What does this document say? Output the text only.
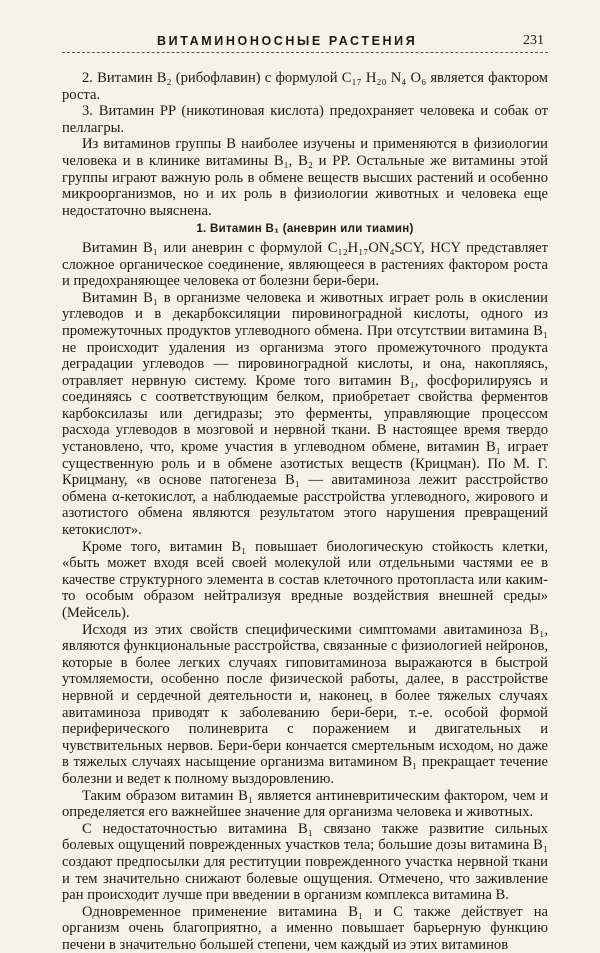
ВИТАМИНОНОСНЫЕ РАСТЕНИЯ	231

2. Витамин B₂ (рибофлавин) с формулой C₁₇ H₂₀ N₄ O₆ является фактором роста.

3. Витамин PP (никотиновая кислота) предохраняет человека и собак от пеллагры.

Из витаминов группы В наиболее изучены и применяются в физиологии человека и в клинике витамины B₁, B₂ и PP. Остальные же витамины этой группы играют важную роль в обмене веществ высших растений и особенно микроорганизмов, но и их роль в физиологии животных и человека еще недостаточно выяснена.

1. Витамин B₁ (аневрин или тиамин)

Витамин B₁ или аневрин с формулой C₁₂H₁₇ON₄SCY, HCY представляет сложное органическое соединение, являющееся в растениях фактором роста и предохраняющее человека от болезни бери-бери.

Витамин B₁ в организме человека и животных играет роль в окислении углеводов и в декарбоксиляции пировиноградной кислоты, одного из промежуточных продуктов углеводного обмена. При отсутствии витамина B₁ не происходит удаления из организма этого промежуточного продукта деградации углеводов — пировиноградной кислоты, и она, накопляясь, отравляет нервную систему. Кроме того витамин B₁, фосфорилируясь и соединяясь с соответствующим белком, приобретает свойства ферментов карбоксилазы или дегидразы; это ферменты, управляющие процессом расхода углеводов в мозговой и нервной ткани. В настоящее время твердо установлено, что, кроме участия в углеводном обмене, витамин B₁ играет существенную роль и в обмене азотистых веществ (Крицман). По М. Г. Крицману, «в основе патогенеза B₁ — авитаминоза лежит расстройство обмена α-кетокислот, а наблюдаемые расстройства углеводного, жирового и азотистого обмена являются результатом этого нарушения превращений кетокислот».

Кроме того, витамин B₁ повышает биологическую стойкость клетки, «быть может входя всей своей молекулой или отдельными частями ее в качестве структурного элемента в состав клеточного протопласта или каким-то особым образом нейтрализуя вредные воздействия внешней среды» (Мейсель).

Исходя из этих свойств специфическими симптомами авитаминоза B₁, являются функциональные расстройства, связанные с физиологией нейронов, которые в более легких случаях гиповитаминоза выражаются в быстрой утомляемости, особенно после физической работы, далее, в расстройстве нервной и сердечной деятельности и, наконец, в более тяжелых случаях авитаминоза приводят к заболеванию бери-бери, т.-е. особой формой периферического полиневрита с поражением и двигательных и чувствительных нервов. Бери-бери кончается смертельным исходом, но даже в тяжелых случаях насыщение организма витамином B₁ прекращает течение болезни и ведет к полному выздоровлению.

Таким образом витамин B₁ является антиневритическим фактором, чем и определяется его важнейшее значение для организма человека и животных.

С недостаточностью витамина B₁ связано также развитие сильных болевых ощущений поврежденных участков тела; большие дозы витамина B₁ создают предпосылки для реституции поврежденного участка нервной ткани и тем значительно снижают болевые ощущения. Отмечено, что заживление ран происходит лучше при введении в организм комплекса витамина B.

Одновременное применение витамина B₁ и C также действует на организм очень благоприятно, а именно повышает барьерную функцию печени в значительно большей степени, чем каждый из этих витаминов
